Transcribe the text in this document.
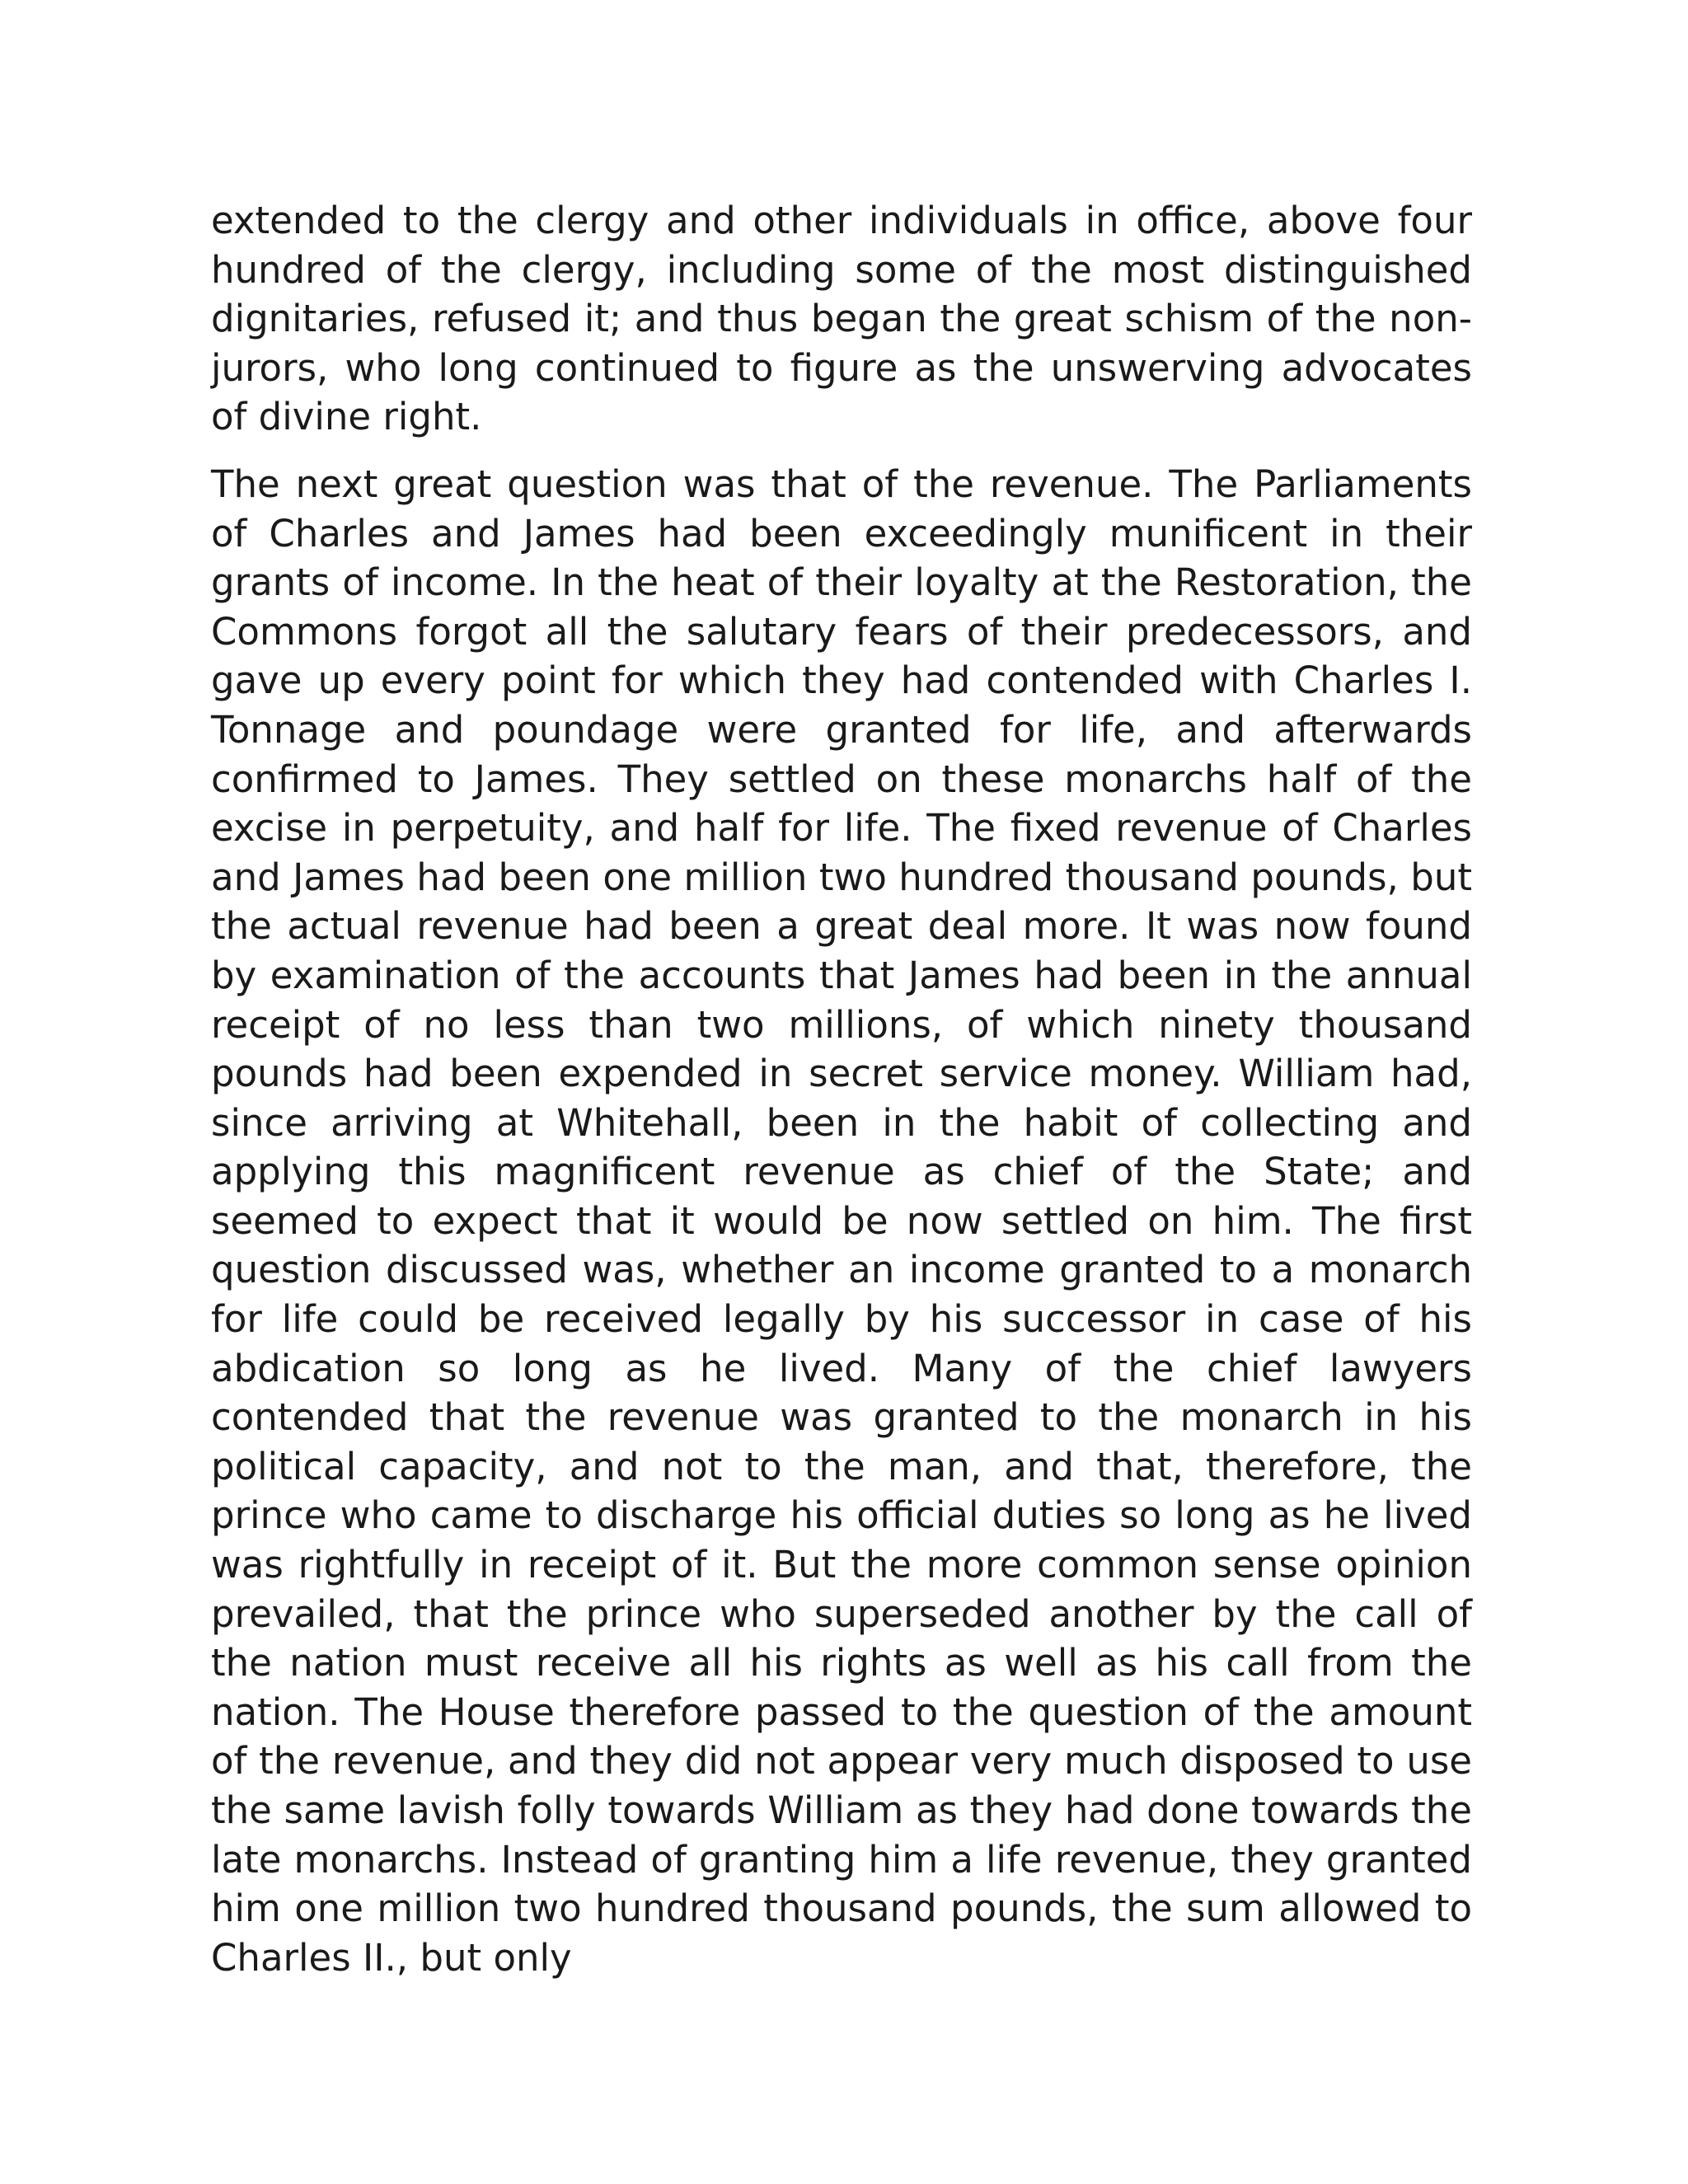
extended to the clergy and other individuals in office, above four hundred of the clergy, including some of the most distinguished dignitaries, refused it; and thus began the great schism of the non-jurors, who long continued to figure as the unswerving advocates of divine right.

The next great question was that of the revenue. The Parliaments of Charles and James had been exceedingly munificent in their grants of income. In the heat of their loyalty at the Restoration, the Commons forgot all the salutary fears of their predecessors, and gave up every point for which they had contended with Charles I. Tonnage and poundage were granted for life, and afterwards confirmed to James. They settled on these monarchs half of the excise in perpetuity, and half for life. The fixed revenue of Charles and James had been one million two hundred thousand pounds, but the actual revenue had been a great deal more. It was now found by examination of the accounts that James had been in the annual receipt of no less than two millions, of which ninety thousand pounds had been expended in secret service money. William had, since arriving at Whitehall, been in the habit of collecting and applying this magnificent revenue as chief of the State; and seemed to expect that it would be now settled on him. The first question discussed was, whether an income granted to a monarch for life could be received legally by his successor in case of his abdication so long as he lived. Many of the chief lawyers contended that the revenue was granted to the monarch in his political capacity, and not to the man, and that, therefore, the prince who came to discharge his official duties so long as he lived was rightfully in receipt of it. But the more common sense opinion prevailed, that the prince who superseded another by the call of the nation must receive all his rights as well as his call from the nation. The House therefore passed to the question of the amount of the revenue, and they did not appear very much disposed to use the same lavish folly towards William as they had done towards the late monarchs. Instead of granting him a life revenue, they granted him one million two hundred thousand pounds, the sum allowed to Charles II., but only
